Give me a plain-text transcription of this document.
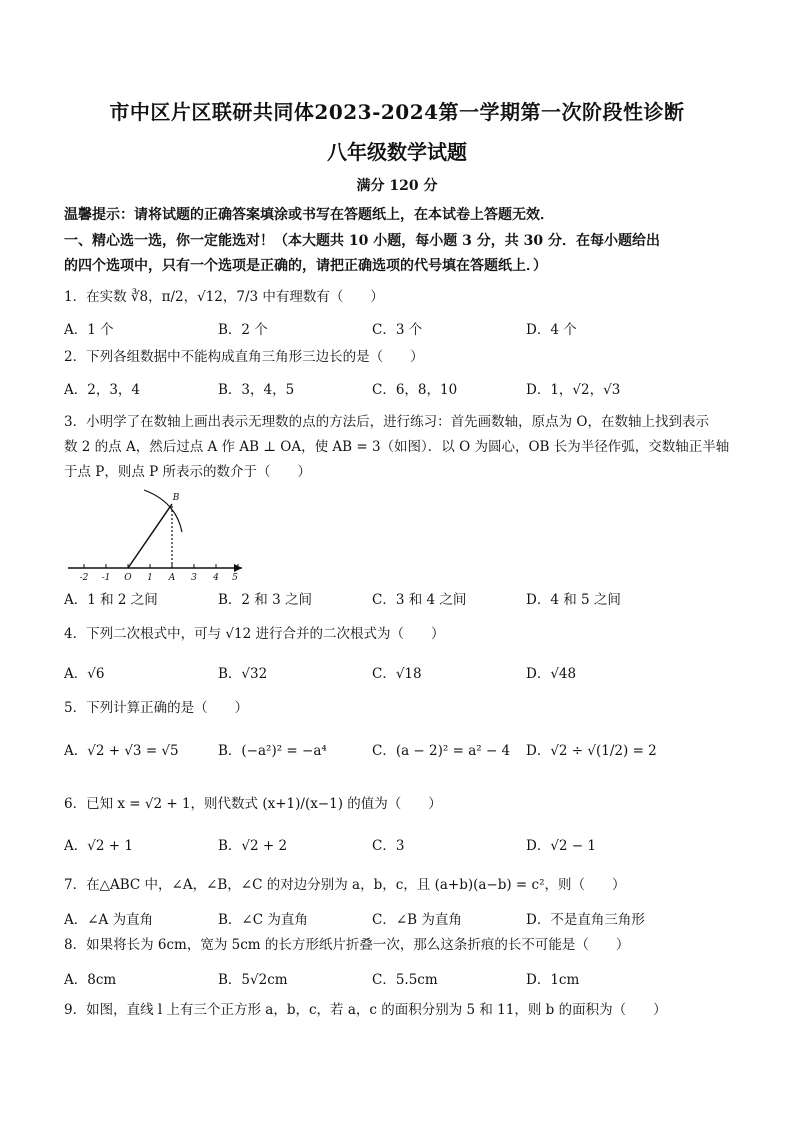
市中区片区联研共同体2023-2024第一学期第一次阶段性诊断
八年级数学试题
满分 120 分
温馨提示：请将试题的正确答案填涂或书写在答题纸上，在本试卷上答题无效．
一、精心选一选，你一定能选对！（本大题共 10 小题，每小题 3 分，共 30 分．在每小题给出
的四个选项中，只有一个选项是正确的，请把正确选项的代号填在答题纸上．）
1．在实数 ∛8，π/2，√12，7/3 中有理数有（　　）
A．1 个	B．2 个	C．3 个	D．4 个
2．下列各组数据中不能构成直角三角形三边长的是（　　）
A．2，3，4	B．3，4，5	C．6，8，10	D．1，√2，√3
3．小明学了在数轴上画出表示无理数的点的方法后，进行练习：首先画数轴，原点为 O，在数轴上找到表示
数 2 的点 A，然后过点 A 作 AB ⊥ OA，使 AB = 3（如图）．以 O 为圆心，OB 长为半径作弧，交数轴正半轴
于点 P，则点 P 所表示的数介于（　　）
-2 -1 O 1 A 3 4 5
B
A．1 和 2 之间	B．2 和 3 之间	C．3 和 4 之间	D．4 和 5 之间
4．下列二次根式中，可与 √12 进行合并的二次根式为（　　）
A．√6	B．√32	C．√18	D．√48
5．下列计算正确的是（　　）
A．√2 + √3 = √5	B．(−a²)² = −a⁴	C．(a − 2)² = a² − 4 D．√2 ÷ √(1/2) = 2
6．已知 x = √2 + 1，则代数式 (x+1)/(x−1) 的值为（　　）
A．√2 + 1	B．√2 + 2	C．3	D．√2 − 1
7．在△ABC 中，∠A，∠B，∠C 的对边分别为 a，b，c，且 (a+b)(a−b) = c²，则（　　）
A．∠A 为直角	B．∠C 为直角	C．∠B 为直角	D．不是直角三角形
8．如果将长为 6cm，宽为 5cm 的长方形纸片折叠一次，那么这条折痕的长不可能是（　　）
A．8cm	B．5√2cm	C．5.5cm	D．1cm
9．如图，直线 l 上有三个正方形 a，b，c，若 a，c 的面积分别为 5 和 11，则 b 的面积为（　　）
